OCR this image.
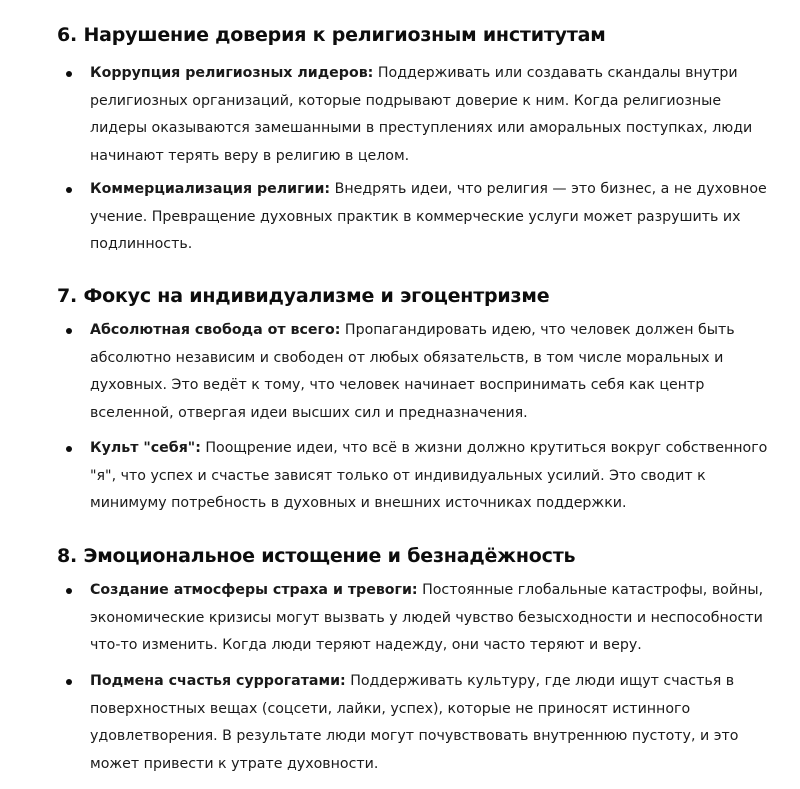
6. Нарушение доверия к религиозным институтам

Коррупция религиозных лидеров: Поддерживать или создавать скандалы внутри религиозных организаций, которые подрывают доверие к ним. Когда религиозные лидеры оказываются замешанными в преступлениях или аморальных поступках, люди начинают терять веру в религию в целом.

Коммерциализация религии: Внедрять идеи, что религия — это бизнес, а не духовное учение. Превращение духовных практик в коммерческие услуги может разрушить их подлинность.

7. Фокус на индивидуализме и эгоцентризме

Абсолютная свобода от всего: Пропагандировать идею, что человек должен быть абсолютно независим и свободен от любых обязательств, в том числе моральных и духовных. Это ведёт к тому, что человек начинает воспринимать себя как центр вселенной, отвергая идеи высших сил и предназначения.

Культ "себя": Поощрение идеи, что всё в жизни должно крутиться вокруг собственного "я", что успех и счастье зависят только от индивидуальных усилий. Это сводит к минимуму потребность в духовных и внешних источниках поддержки.

8. Эмоциональное истощение и безнадёжность

Создание атмосферы страха и тревоги: Постоянные глобальные катастрофы, войны, экономические кризисы могут вызвать у людей чувство безысходности и неспособности что-то изменить. Когда люди теряют надежду, они часто теряют и веру.

Подмена счастья суррогатами: Поддерживать культуру, где люди ищут счастья в поверхностных вещах (соцсети, лайки, успех), которые не приносят истинного удовлетворения. В результате люди могут почувствовать внутреннюю пустоту, и это может привести к утрате духовности.
